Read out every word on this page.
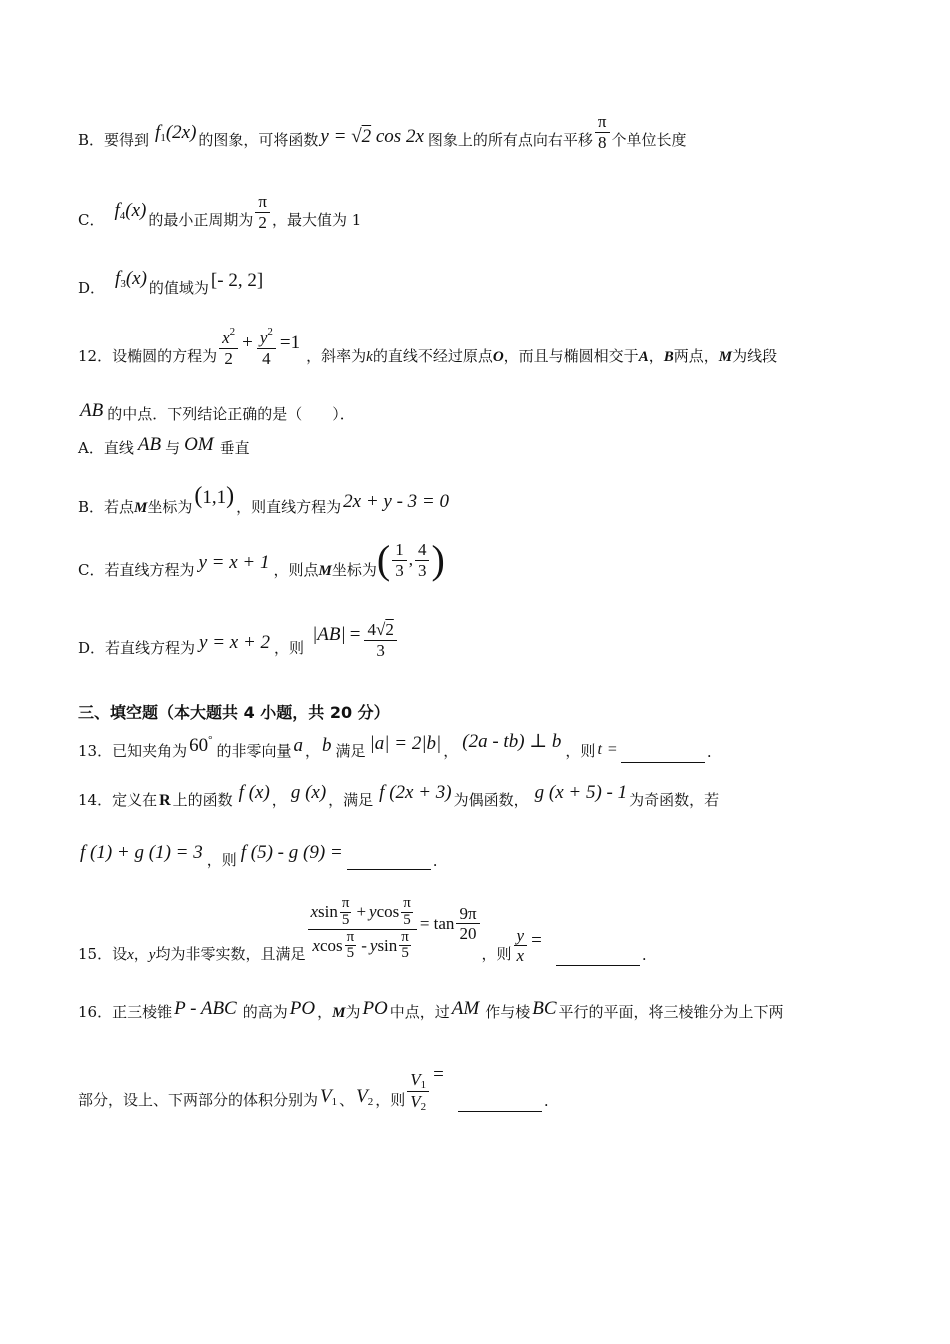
B．要得到 $f_1(2x)$ 的图象，可将函数 y = √2 cos 2x 图象上的所有点向右平移 $\frac{\pi}{8}$ 个单位长度
C． $f_4(x)$ 的最小正周期为 $\frac{\pi}{2}$ ，最大值为 1
D． $f_3(x)$ 的值域为 [- 2, 2]
12．设椭圆的方程为 $\frac{x^2}{2} + \frac{y^2}{4} =1$
，斜率为 k 的直线不经过原点 O ，而且与椭圆相交于 A ， B 两点， M 为线段
AB 的中点．下列结论正确的是（　　）．
A．直线 AB 与 OM 垂直
B．若点 M 坐标为 (1,1) ，则直线方程为 2x + y - 3 = 0
C．若直线方程为 y = x + 1 ，则点 M 坐标为 ( $\frac{1}{3}$ , $\frac{4}{3}$ )
D．若直线方程为 y = x + 2 ，则
$|AB| = \frac{4√2}{3}$
三、填空题（本大题共 4 小题，共 20 分）
13．已知夹角为 60°
的非零向量 a ， b 满足 |a| = 2|b| ， (2a - tb) ⊥ b ，则 t =	.
14．定义在 R 上的函数 f (x) ， g (x) ，满足 f (2x + 3) 为偶函数， g (x + 5) - 1 为奇函数，若
f (1) + g (1) = 3 ，则 f (5) - g (9) =	.
15．设 x ， y 均为非零实数，且满足 x sin π
5 + y cos π
5
x cos π
5 - y sin π
$5 = \tan \frac{9\pi}{20}$
，则 $\frac{y}{x}$ =
.
16．正三棱锥 P - ABC 的高为 PO ， M 为 PO 中点，过 AM 作与棱 BC 平行的平面，将三棱锥分为上下两
部分，设上、下两部分的体积分别为 $V_1$ 、 $V_2$ ，则 $\frac{V_1}{V_2}$ =
.
